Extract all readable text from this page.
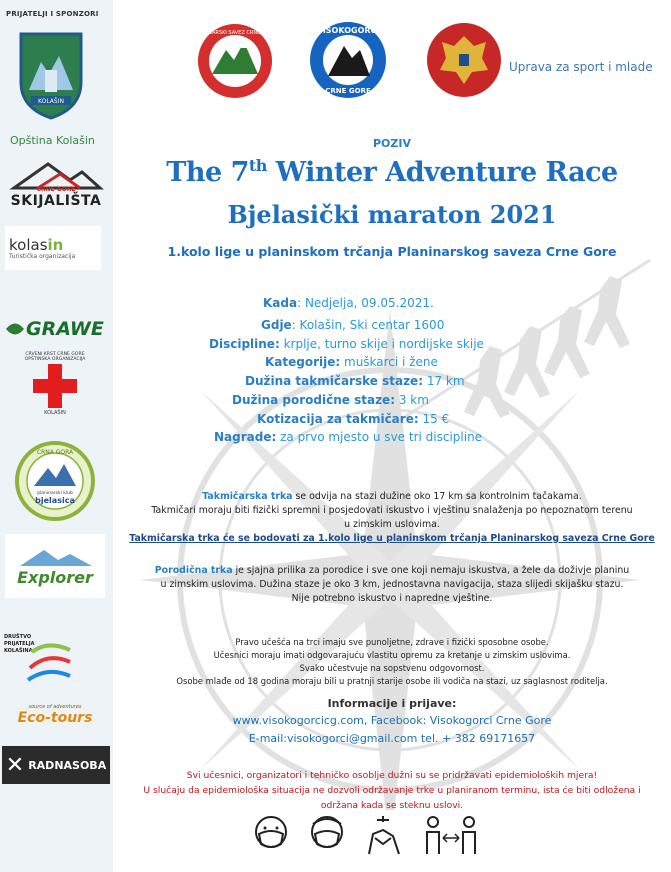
PRIJATELJI I SPONZORI
KOLAŠIN
Opština Kolašin
CRNE GORE
SKIJALIŠTA
kolasin
Turistička organizacija
GRAWE
CRVENI KRST CRNE GORE
OPŠTINSKA ORGANIZACIJA
KOLAŠIN
CRNA GORA
planinarski klub
bjelasica
Explorer
DRUŠTVO
PRIJATELJA
KOLAŠINA
source of adventures
Eco-tours
✕ RADNASOBA
PLANINARSKI SAVEZ CRNE GORE	VISOKOGORCI
CRNE GORE
Uprava za sport i mlade
POZIV
The 7th Winter Adventure Race
Bjelasički maraton 2021
1.kolo lige u planinskom trčanja Planinarskog saveza Crne Gore
Kada: Nedjelja, 09.05.2021.
Gdje: Kolašin, Ski centar 1600
Discipline: krplje, turno skije i nordijske skije
Kategorije: muškarci i žene
Dužina takmičarske staze: 17 km
Dužina porodične staze: 3 km
Kotizacija za takmičare: 15 €
Nagrade: za prvo mjesto u sve tri discipline
Takmičarska trka se odvija na stazi dužine oko 17 km sa kontrolnim tačakama.
Takmičari moraju biti fizički spremni i posjedovati iskustvo i vještinu snalaženja po nepoznatom terenu
u zimskim uslovima.
Takmičarska trka će se bodovati za 1.kolo lige u planinskom trčanja Planinarskog saveza Crne Gore
Porodična trka je sjajna prilika za porodice i sve one koji nemaju iskustva, a žele da doživje planinu
u zimskim uslovima. Dužina staze je oko 3 km, jednostavna navigacija, staza slijedi skijašku stazu.
Nije potrebno iskustvo i napredne vještine.
Pravo učešća na trci imaju sve punoljetne, zdrave i fizički sposobne osobe.
Učesnici moraju imati odgovarajuću vlastitu opremu za kretanje u zimskim uslovima.
Svako učestvuje na sopstvenu odgovornost.
Osobe mlađe od 18 godina moraju bili u pratnji starije osobe ili vodiča na stazi, uz saglasnost roditelja.
Informacije i prijave:
www.visokogorcicg.com, Facebook: Visokogorci Crne Gore
E-mail:visokogorci@gmail.com tel. + 382 69171657
Svi učesnici, organizatori i tehničko osoblje dužni su se pridržavati epidemioloških mjera!
U slučaju da epidemiološka situacija ne dozvoli održavanje trke u planiranom terminu, ista će biti odložena i
održana kada se steknu uslovi.
